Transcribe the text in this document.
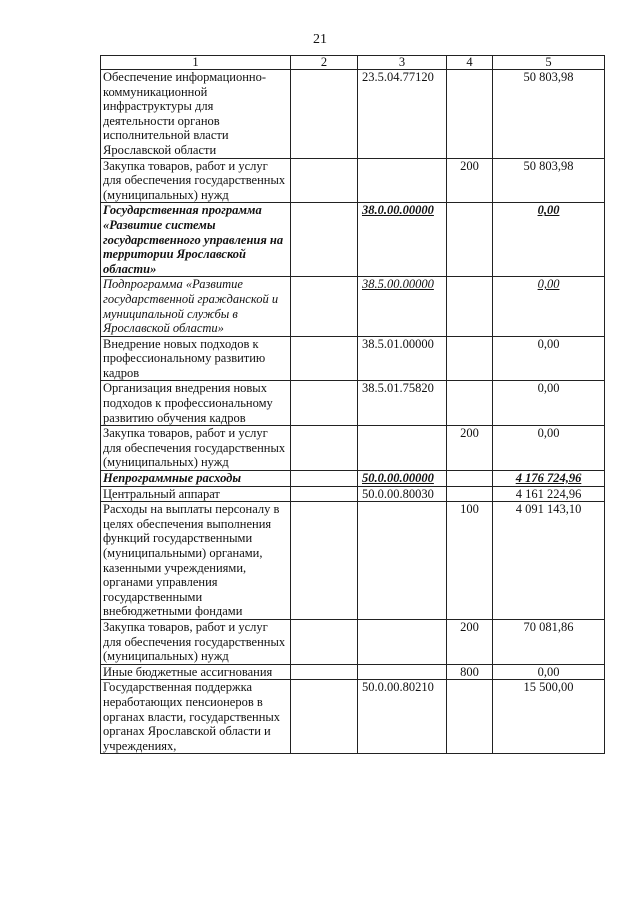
21
1	2	3	4	5
Обеспечение информационно-коммуникационной инфраструктуры для деятельности органов исполнительной власти Ярославской области		23.5.04.77120		50 803,98
Закупка товаров, работ и услуг для обеспечения государственных (муниципальных) нужд			200	50 803,98
Государственная программа «Развитие системы государственного управления на территории Ярославской области»		38.0.00.00000		0,00
Подпрограмма «Развитие государственной гражданской и муниципальной службы в Ярославской области»		38.5.00.00000		0,00
Внедрение новых подходов к профессиональному развитию кадров		38.5.01.00000		0,00
Организация внедрения новых подходов к профессиональному развитию обучения кадров		38.5.01.75820		0,00
Закупка товаров, работ и услуг для обеспечения государственных (муниципальных) нужд			200	0,00
Непрограммные расходы		50.0.00.00000		4 176 724,96
Центральный аппарат		50.0.00.80030		4 161 224,96
Расходы на выплаты персоналу в целях обеспечения выполнения функций государственными (муниципальными) органами, казенными учреждениями, органами управления государственными внебюджетными фондами			100	4 091 143,10
Закупка товаров, работ и услуг для обеспечения государственных (муниципальных) нужд			200	70 081,86
Иные бюджетные ассигнования			800	0,00
Государственная поддержка неработающих пенсионеров в органах власти, государственных органах Ярославской области и учреждениях,		50.0.00.80210		15 500,00
